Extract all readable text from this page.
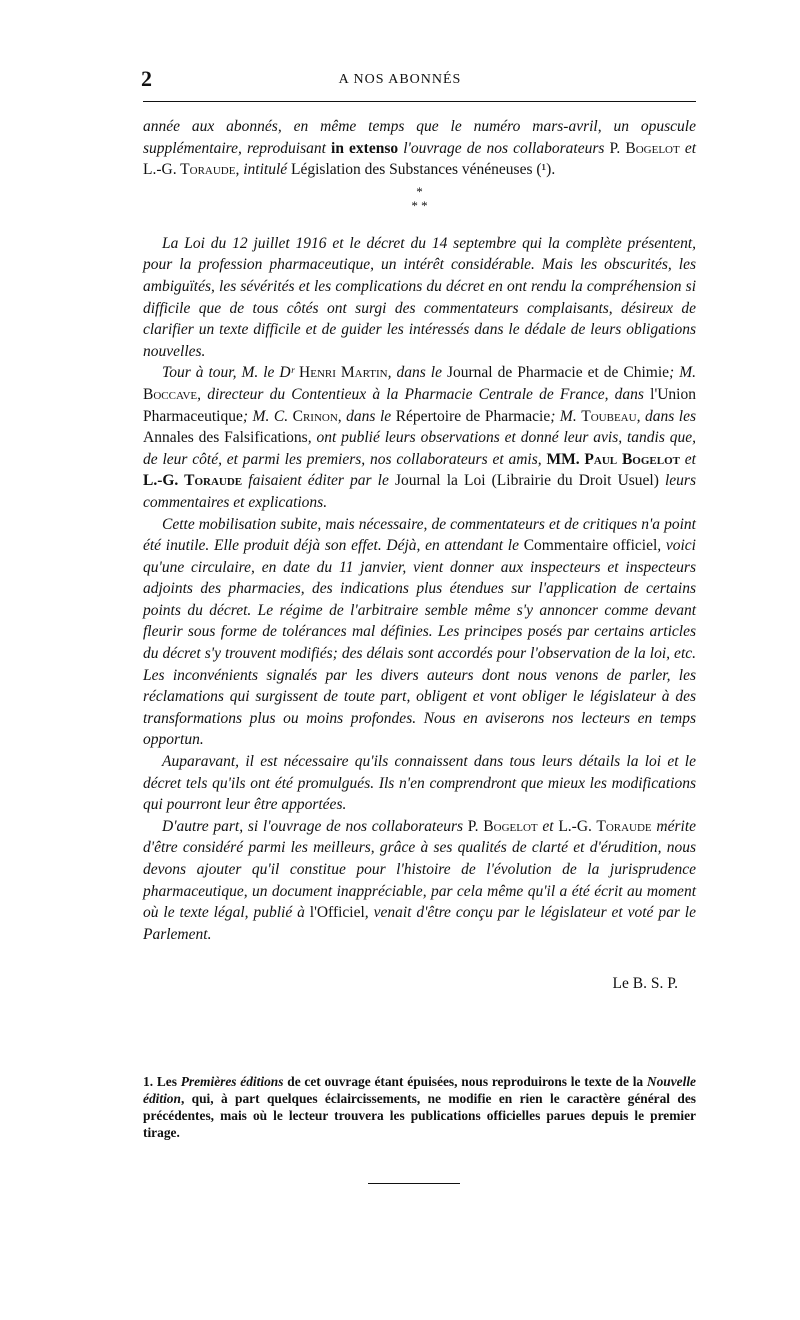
2	A NOS ABONNÉS

année aux abonnés, en même temps que le numéro mars-avril, un opuscule supplémentaire, reproduisant in extenso l'ouvrage de nos collaborateurs P. Bogelot et L.-G. Toraude, intitulé Législation des Substances vénéneuses (¹).

*
* *

La Loi du 12 juillet 1916 et le décret du 14 septembre qui la complète présentent, pour la profession pharmaceutique, un intérêt considérable. Mais les obscurités, les ambiguïtés, les sévérités et les complications du décret en ont rendu la compréhension si difficile que de tous côtés ont surgi des commentateurs complaisants, désireux de clarifier un texte difficile et de guider les intéressés dans le dédale de leurs obligations nouvelles.

Tour à tour, M. le Dʳ Henri Martin, dans le Journal de Pharmacie et de Chimie; M. Boccave, directeur du Contentieux à la Pharmacie Centrale de France, dans l'Union Pharmaceutique; M. C. Crinon, dans le Répertoire de Pharmacie; M. Toubeau, dans les Annales des Falsifications, ont publié leurs observations et donné leur avis, tandis que, de leur côté, et parmi les premiers, nos collaborateurs et amis, MM. Paul Bogelot et L.-G. Toraude faisaient éditer par le Journal la Loi (Librairie du Droit Usuel) leurs commentaires et explications.

Cette mobilisation subite, mais nécessaire, de commentateurs et de critiques n'a point été inutile. Elle produit déjà son effet. Déjà, en attendant le Commentaire officiel, voici qu'une circulaire, en date du 11 janvier, vient donner aux inspecteurs et inspecteurs adjoints des pharmacies, des indications plus étendues sur l'application de certains points du décret. Le régime de l'arbitraire semble même s'y annoncer comme devant fleurir sous forme de tolérances mal définies. Les principes posés par certains articles du décret s'y trouvent modifiés; des délais sont accordés pour l'observation de la loi, etc. Les inconvénients signalés par les divers auteurs dont nous venons de parler, les réclamations qui surgissent de toute part, obligent et vont obliger le législateur à des transformations plus ou moins profondes. Nous en aviserons nos lecteurs en temps opportun.

Auparavant, il est nécessaire qu'ils connaissent dans tous leurs détails la loi et le décret tels qu'ils ont été promulgués. Ils n'en comprendront que mieux les modifications qui pourront leur être apportées.

D'autre part, si l'ouvrage de nos collaborateurs P. Bogelot et L.-G. Toraude mérite d'être considéré parmi les meilleurs, grâce à ses qualités de clarté et d'érudition, nous devons ajouter qu'il constitue pour l'histoire de l'évolution de la jurisprudence pharmaceutique, un document inappréciable, par cela même qu'il a été écrit au moment où le texte légal, publié à l'Officiel, venait d'être conçu par le législateur et voté par le Parlement.

Le B. S. P.
1. Les Premières éditions de cet ouvrage étant épuisées, nous reproduirons le texte de la Nouvelle édition, qui, à part quelques éclaircissements, ne modifie en rien le caractère général des précédentes, mais où le lecteur trouvera les publications officielles parues depuis le premier tirage.
